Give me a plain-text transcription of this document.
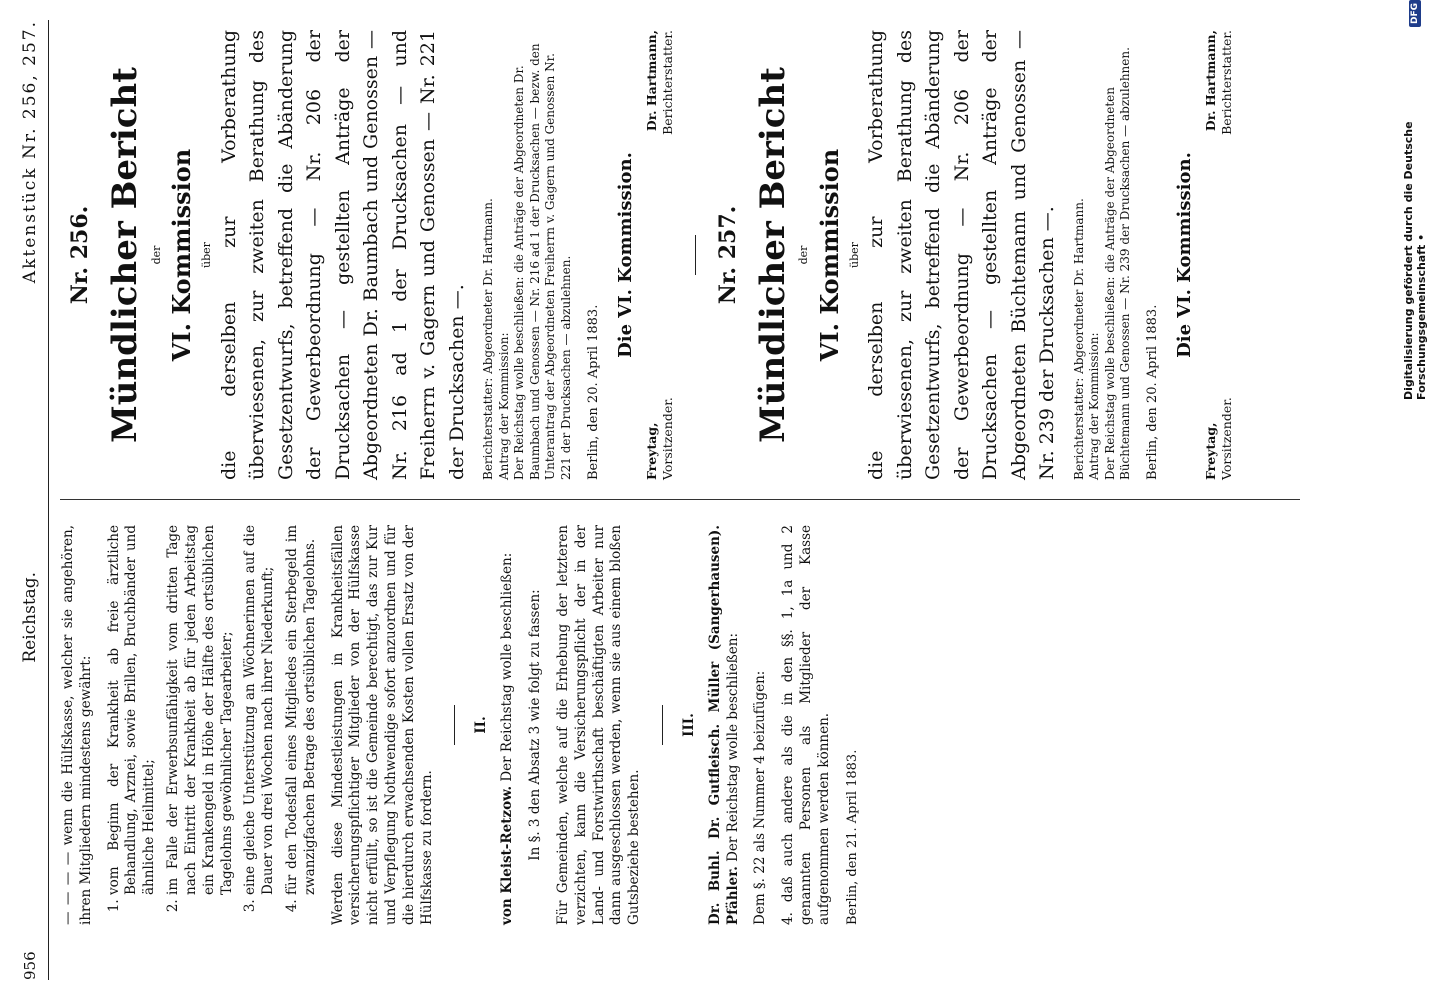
956
Reichstag.
Aktenstück Nr. 256, 257.

— — — — wenn die Hülfskasse, welcher sie angehören, ihren Mitgliedern mindestens gewährt: 1. vom Beginn der Krankheit ab freie ärztliche Behandlung, Arznei, sowie Brillen, Bruchbänder und ähnliche Heilmittel; 2. im Falle der Erwerbsunfähigkeit vom dritten Tage nach Eintritt der Krankheit ab für jeden Arbeitstag ein Krankengeld in Höhe der Hälfte des ortsüblichen Tagelohns gewöhnlicher Tagearbeiter; 3. eine gleiche Unterstützung an Wöchnerinnen auf die Dauer von drei Wochen nach ihrer Niederkunft; 4. für den Todesfall eines Mitgliedes ein Sterbegeld im zwanzigfachen Betrage des ortsüblichen Tagelohns. Werden diese Mindestleistungen in Krankheitsfällen versicherungspflichtiger Mitglieder von der Hülfskasse nicht erfüllt, so ist die Gemeinde berechtigt, das zur Kur und Verpflegung Nothwendige sofort anzuordnen und für die hierdurch erwachsenden Kosten vollen Ersatz von der Hülfskasse zu fordern.

II.

von Kleist-Retzow. Der Reichstag wolle beschließen: In §. 3 den Absatz 3 wie folgt zu fassen: Für Gemeinden, welche auf die Erhebung der letzteren verzichten, kann die Versicherungspflicht der in der Land- und Forstwirthschaft beschäftigten Arbeiter nur dann ausgeschlossen werden, wenn sie aus einem bloßen Gutsbeziehe bestehen.

III. Dr. Buhl. Dr. Gutfleisch. Müller (Sangerhausen). Pfähler. Der Reichstag wolle beschließen: Dem §. 22 als Nummer 4 beizufügen: 4. daß auch andere als die in den §§. 1, 1a und 2 genannten Personen als Mitglieder der Kasse aufgenommen werden können. Berlin, den 21. April 1883.

Nr. 256. Mündlicher Bericht der VI. Kommission über die derselben zur Vorberathung überwiesenen, zur zweiten Berathung des Gesetzentwurfs, betreffend die Abänderung der Gewerbeordnung — Nr. 206 der Drucksachen — gestellten Anträge der Abgeordneten Dr. Baumbach und Genossen — Nr. 216 ad 1 der Drucksachen — und Freiherrn v. Gagern und Genossen — Nr. 221 der Drucksachen —. Berichterstatter: Abgeordneter Dr. Hartmann. Antrag der Kommission: Der Reichstag wolle beschließen: die Anträge der Abgeordneten Dr. Baumbach und Genossen — Nr. 216 ad 1 der Drucksachen — bezw. den Unterantrag der Abgeordneten Freiherrn v. Gagern und Genossen Nr. 221 der Drucksachen — abzulehnen. Berlin, den 20. April 1883.

Die VI. Kommission.
Freytag, Vorsitzender.
Dr. Hartmann, Berichterstatter.
Nr. 257. Mündlicher Bericht der VI. Kommission über die derselben zur Vorberathung überwiesenen, zur zweiten Berathung des Gesetzentwurfs, betreffend die Abänderung der Gewerbeordnung — Nr. 206 der Drucksachen — gestellten Anträge der Abgeordneten Büchtemann und Genossen — Nr. 239 der Drucksachen —. Berichterstatter: Abgeordneter Dr. Hartmann. Antrag der Kommission: Der Reichstag wolle beschließen: die Anträge der Abgeordneten Büchtemann und Genossen — Nr. 239 der Drucksachen — abzulehnen. Berlin, den 20. April 1883.

Die VI. Kommission.
Freytag, Vorsitzender.
Dr. Hartmann, Berichterstatter.
Digitalisierung gefördert durch die Deutsche Forschungsgemeinschaft •
DFG
